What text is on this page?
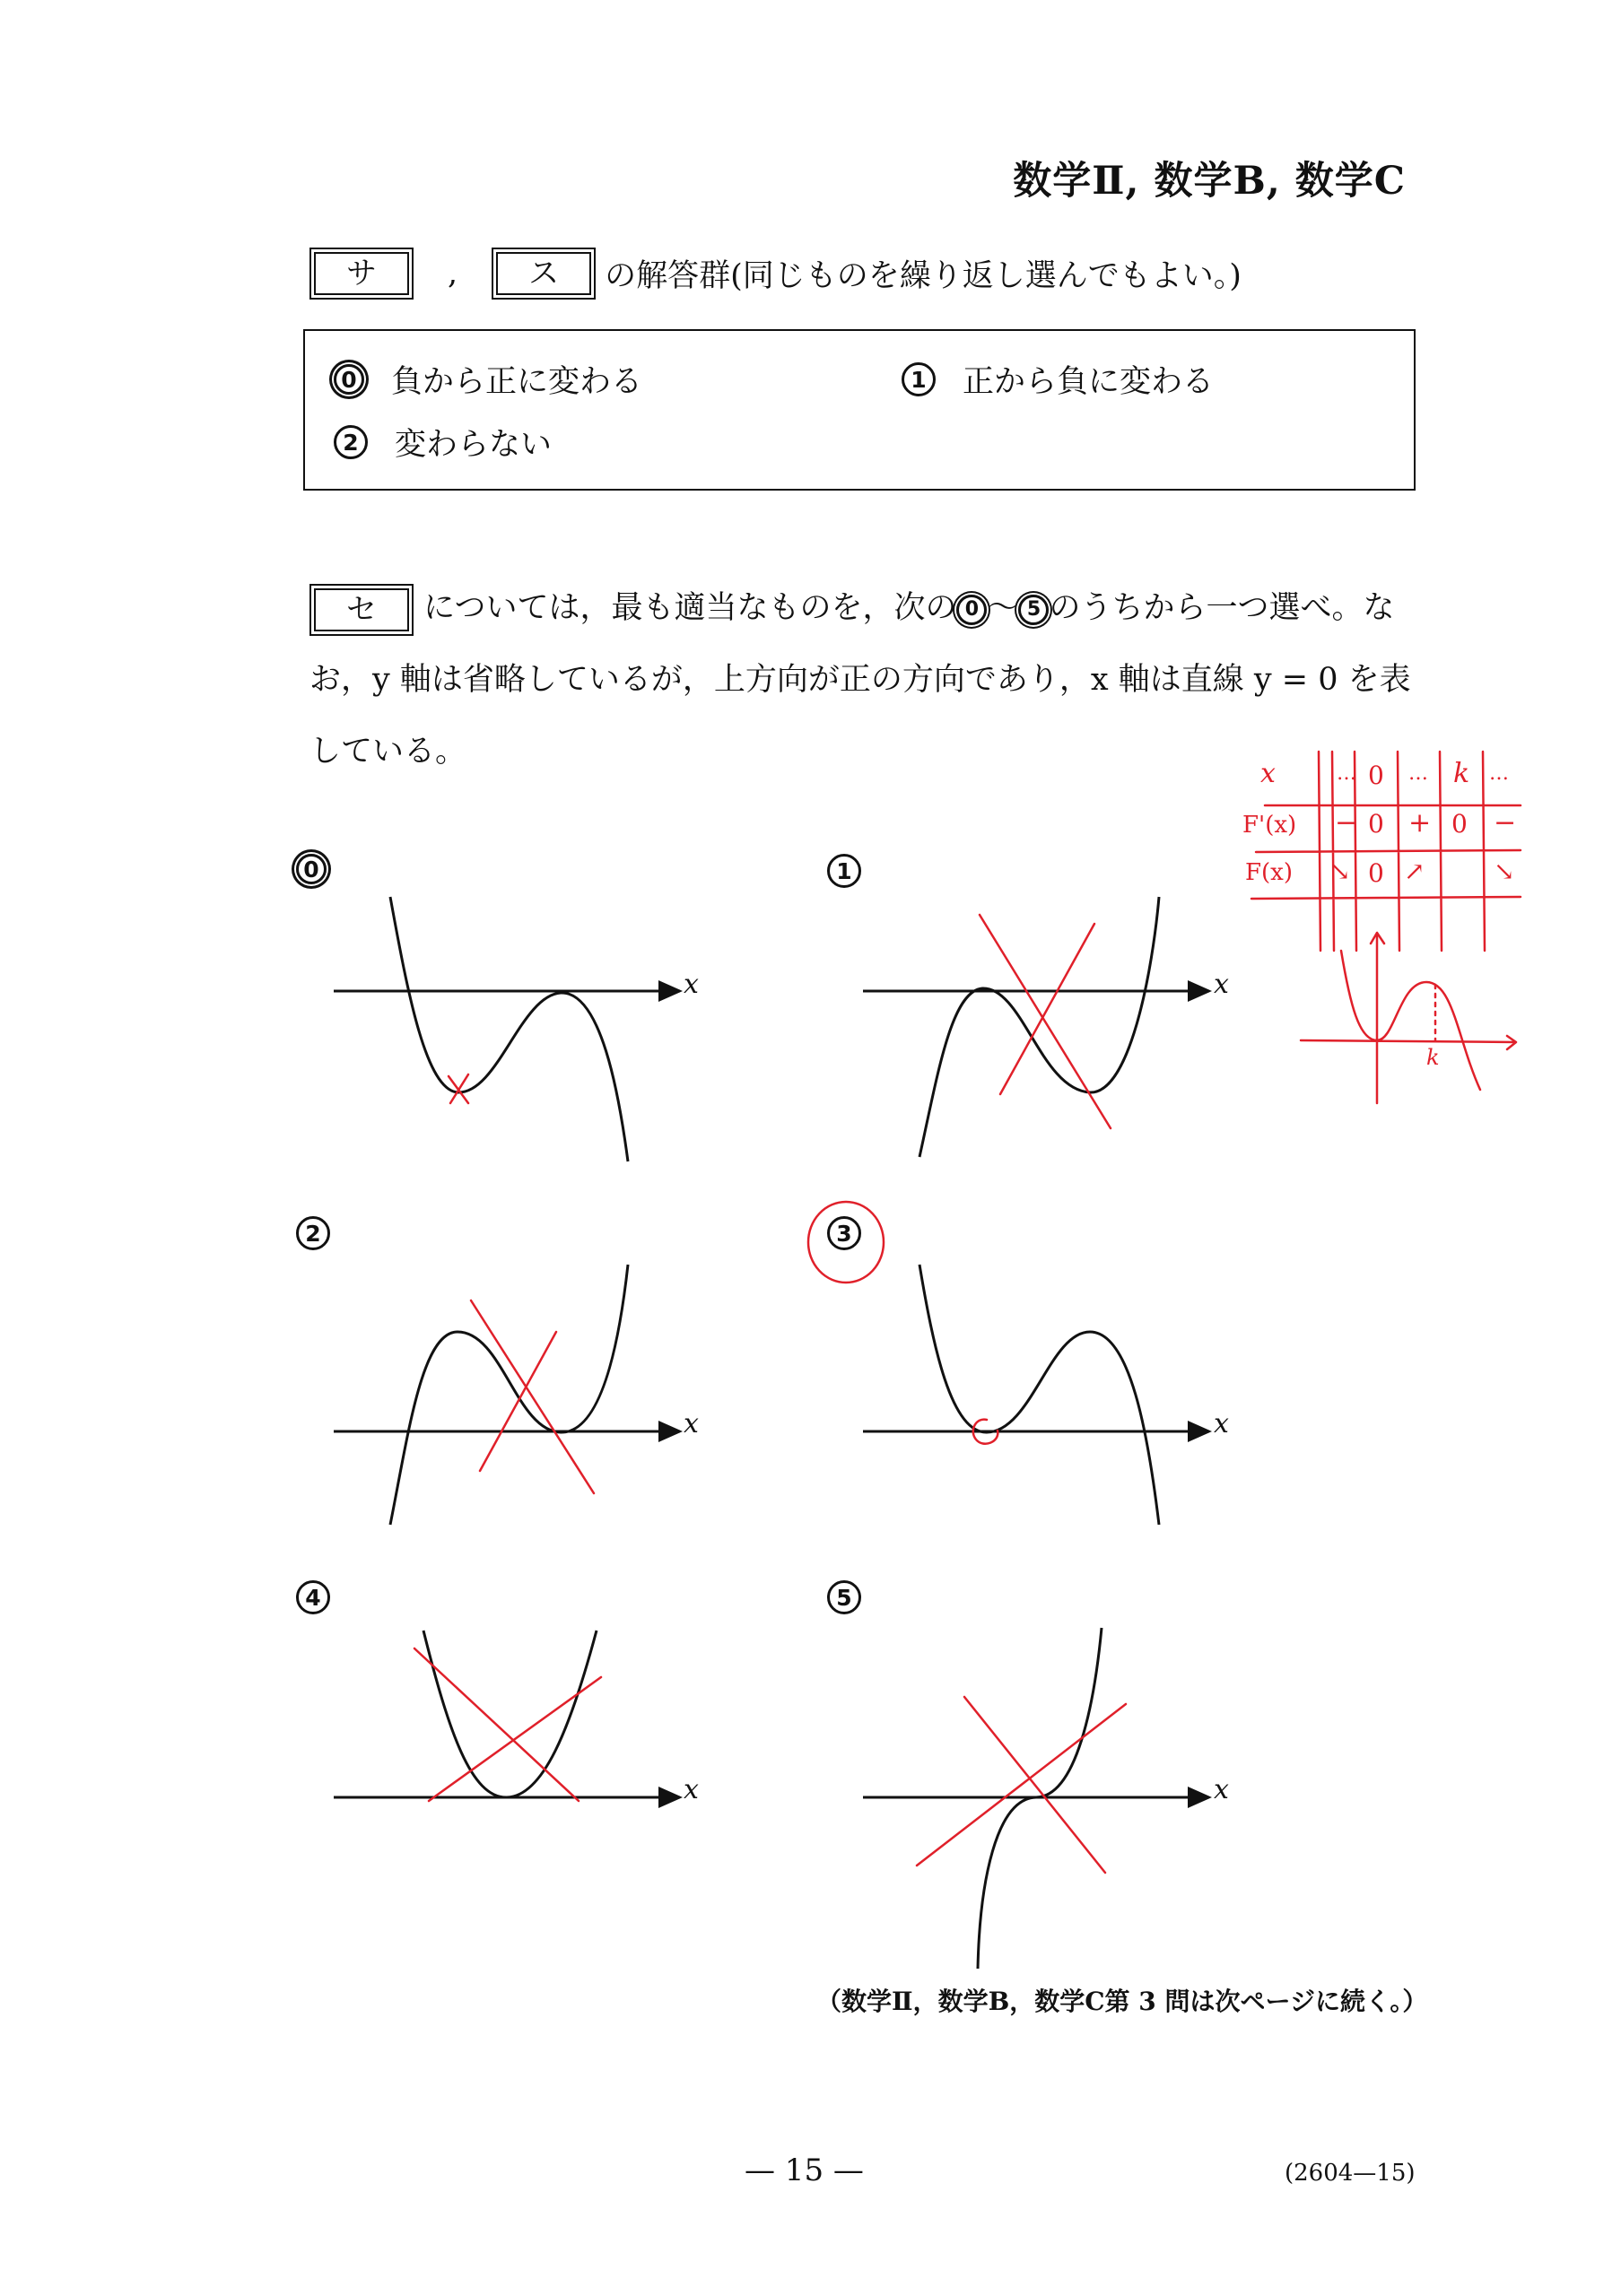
数学Ⅱ, 数学B, 数学C
サ	,	ス	の解答群(同じものを繰り返し選んでもよい。)
0 負から正に変わる	1 正から負に変わる
2 変わらない

セ	については，最も適当なものを，次の 0 ～ 5 のうちから一つ選べ。な

お，y 軸は省略しているが，上方向が正の方向であり，x 軸は直線 y = 0 を表

している。

0	1
2	3
4	5
x	x
x	x
x	x
x	… 0 … k …
F'(x) − 0 + 0 −
F(x) ↘ 0 ↗	↘
k
（数学Ⅱ，数学B，数学C第 3 問は次ページに続く。）
— 15 —	(2604—15)
